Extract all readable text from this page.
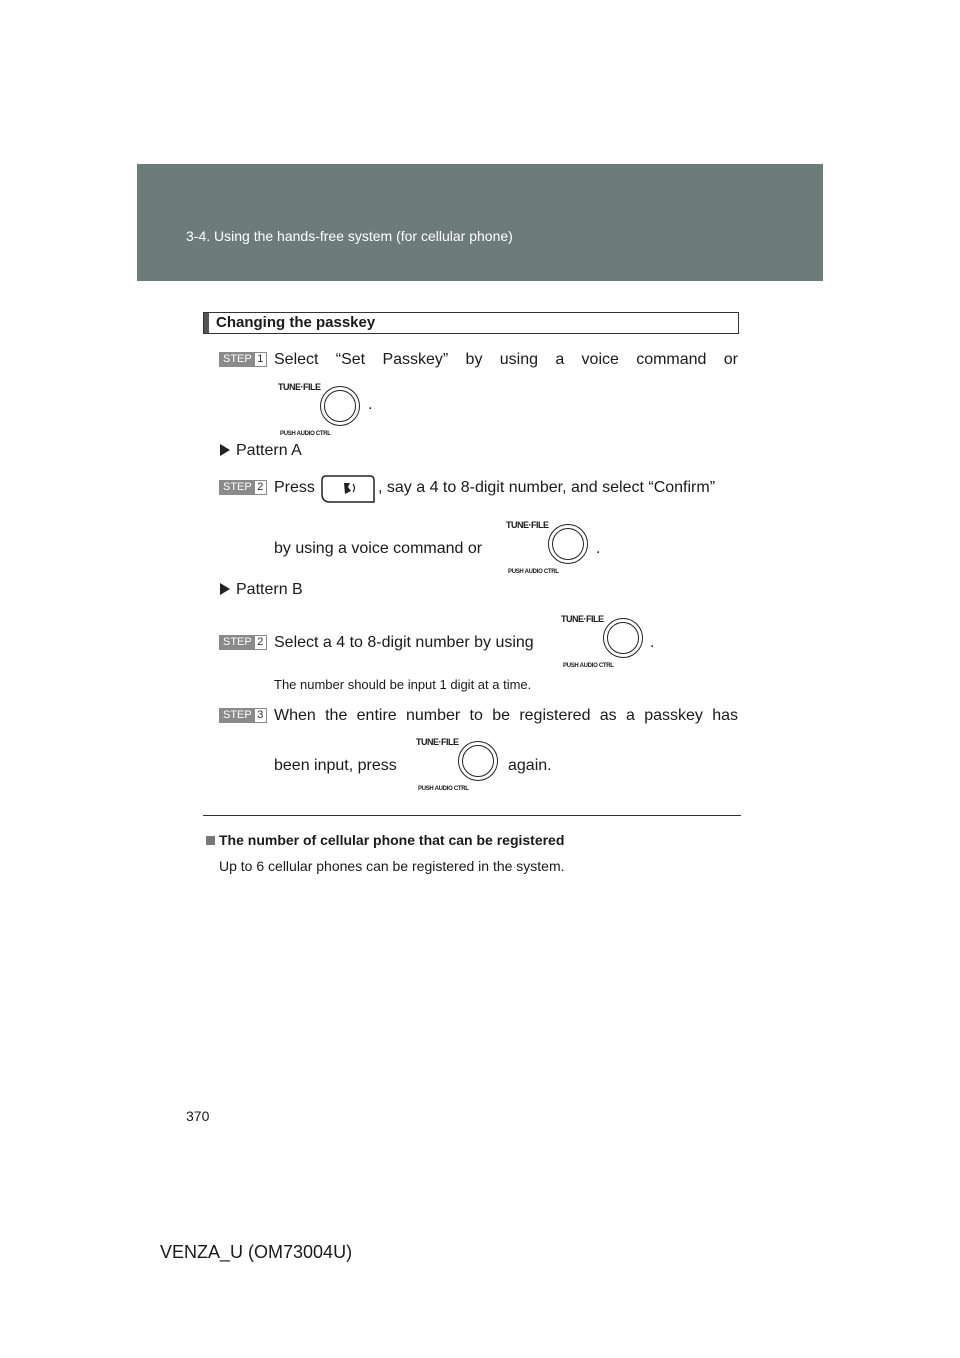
3-4. Using the hands-free system (for cellular phone)
Changing the passkey
STEP 1 Select “Set Passkey” by using a voice command or
TUNE·FILE
PUSH AUDIO CTRL
.
Pattern A
STEP 2 Press	, say a 4 to 8-digit number, and select “Confirm”
by using a voice command or
TUNE·FILE
PUSH AUDIO CTRL
.
Pattern B
STEP 2 Select a 4 to 8-digit number by using
TUNE·FILE
PUSH AUDIO CTRL
.
The number should be input 1 digit at a time.
STEP 3 When the entire number to be registered as a passkey has
been input, press
TUNE·FILE
PUSH AUDIO CTRL
again.
The number of cellular phone that can be registered
Up to 6 cellular phones can be registered in the system.
370
VENZA_U (OM73004U)
